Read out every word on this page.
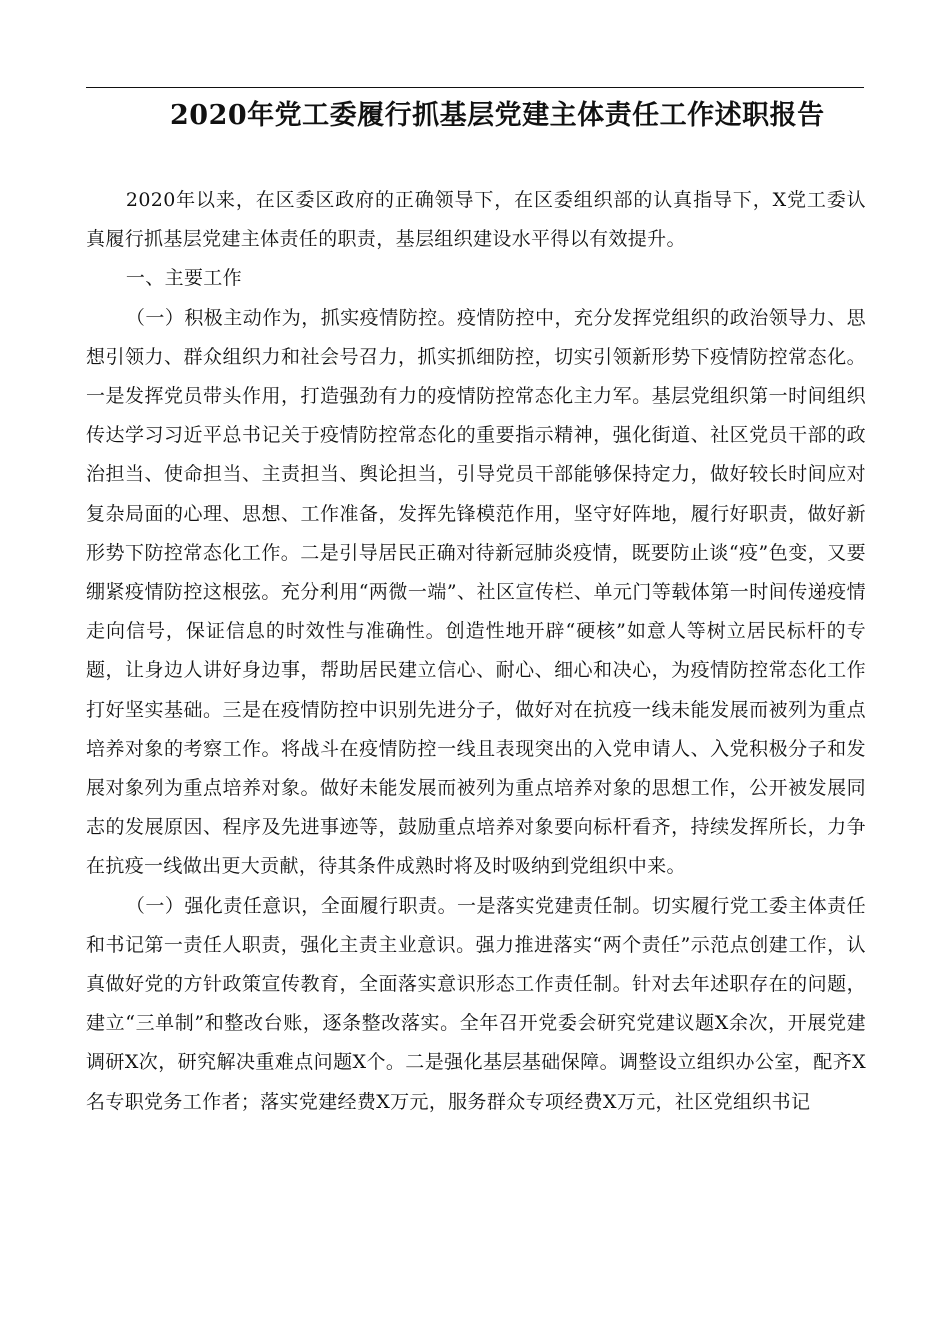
2020年党工委履行抓基层党建主体责任工作述职报告

2020年以来，在区委区政府的正确领导下，在区委组织部的认真指导下，X党工委认真履行抓基层党建主体责任的职责，基层组织建设水平得以有效提升。

一、主要工作

（一）积极主动作为，抓实疫情防控。疫情防控中，充分发挥党组织的政治领导力、思想引领力、群众组织力和社会号召力，抓实抓细防控，切实引领新形势下疫情防控常态化。一是发挥党员带头作用，打造强劲有力的疫情防控常态化主力军。基层党组织第一时间组织传达学习习近平总书记关于疫情防控常态化的重要指示精神，强化街道、社区党员干部的政治担当、使命担当、主责担当、舆论担当，引导党员干部能够保持定力，做好较长时间应对复杂局面的心理、思想、工作准备，发挥先锋模范作用，坚守好阵地，履行好职责，做好新形势下防控常态化工作。二是引导居民正确对待新冠肺炎疫情，既要防止谈“疫”色变，又要绷紧疫情防控这根弦。充分利用“两微一端”、社区宣传栏、单元门等载体第一时间传递疫情走向信号，保证信息的时效性与准确性。创造性地开辟“硬核”如意人等树立居民标杆的专题，让身边人讲好身边事，帮助居民建立信心、耐心、细心和决心，为疫情防控常态化工作打好坚实基础。三是在疫情防控中识别先进分子，做好对在抗疫一线未能发展而被列为重点培养对象的考察工作。将战斗在疫情防控一线且表现突出的入党申请人、入党积极分子和发展对象列为重点培养对象。做好未能发展而被列为重点培养对象的思想工作，公开被发展同志的发展原因、程序及先进事迹等，鼓励重点培养对象要向标杆看齐，持续发挥所长，力争在抗疫一线做出更大贡献，待其条件成熟时将及时吸纳到党组织中来。

（一）强化责任意识，全面履行职责。一是落实党建责任制。切实履行党工委主体责任和书记第一责任人职责，强化主责主业意识。强力推进落实“两个责任”示范点创建工作，认真做好党的方针政策宣传教育，全面落实意识形态工作责任制。针对去年述职存在的问题，建立“三单制”和整改台账，逐条整改落实。全年召开党委会研究党建议题X余次，开展党建调研X次，研究解决重难点问题X个。二是强化基层基础保障。调整设立组织办公室，配齐X名专职党务工作者；落实党建经费X万元，服务群众专项经费X万元，社区党组织书记
